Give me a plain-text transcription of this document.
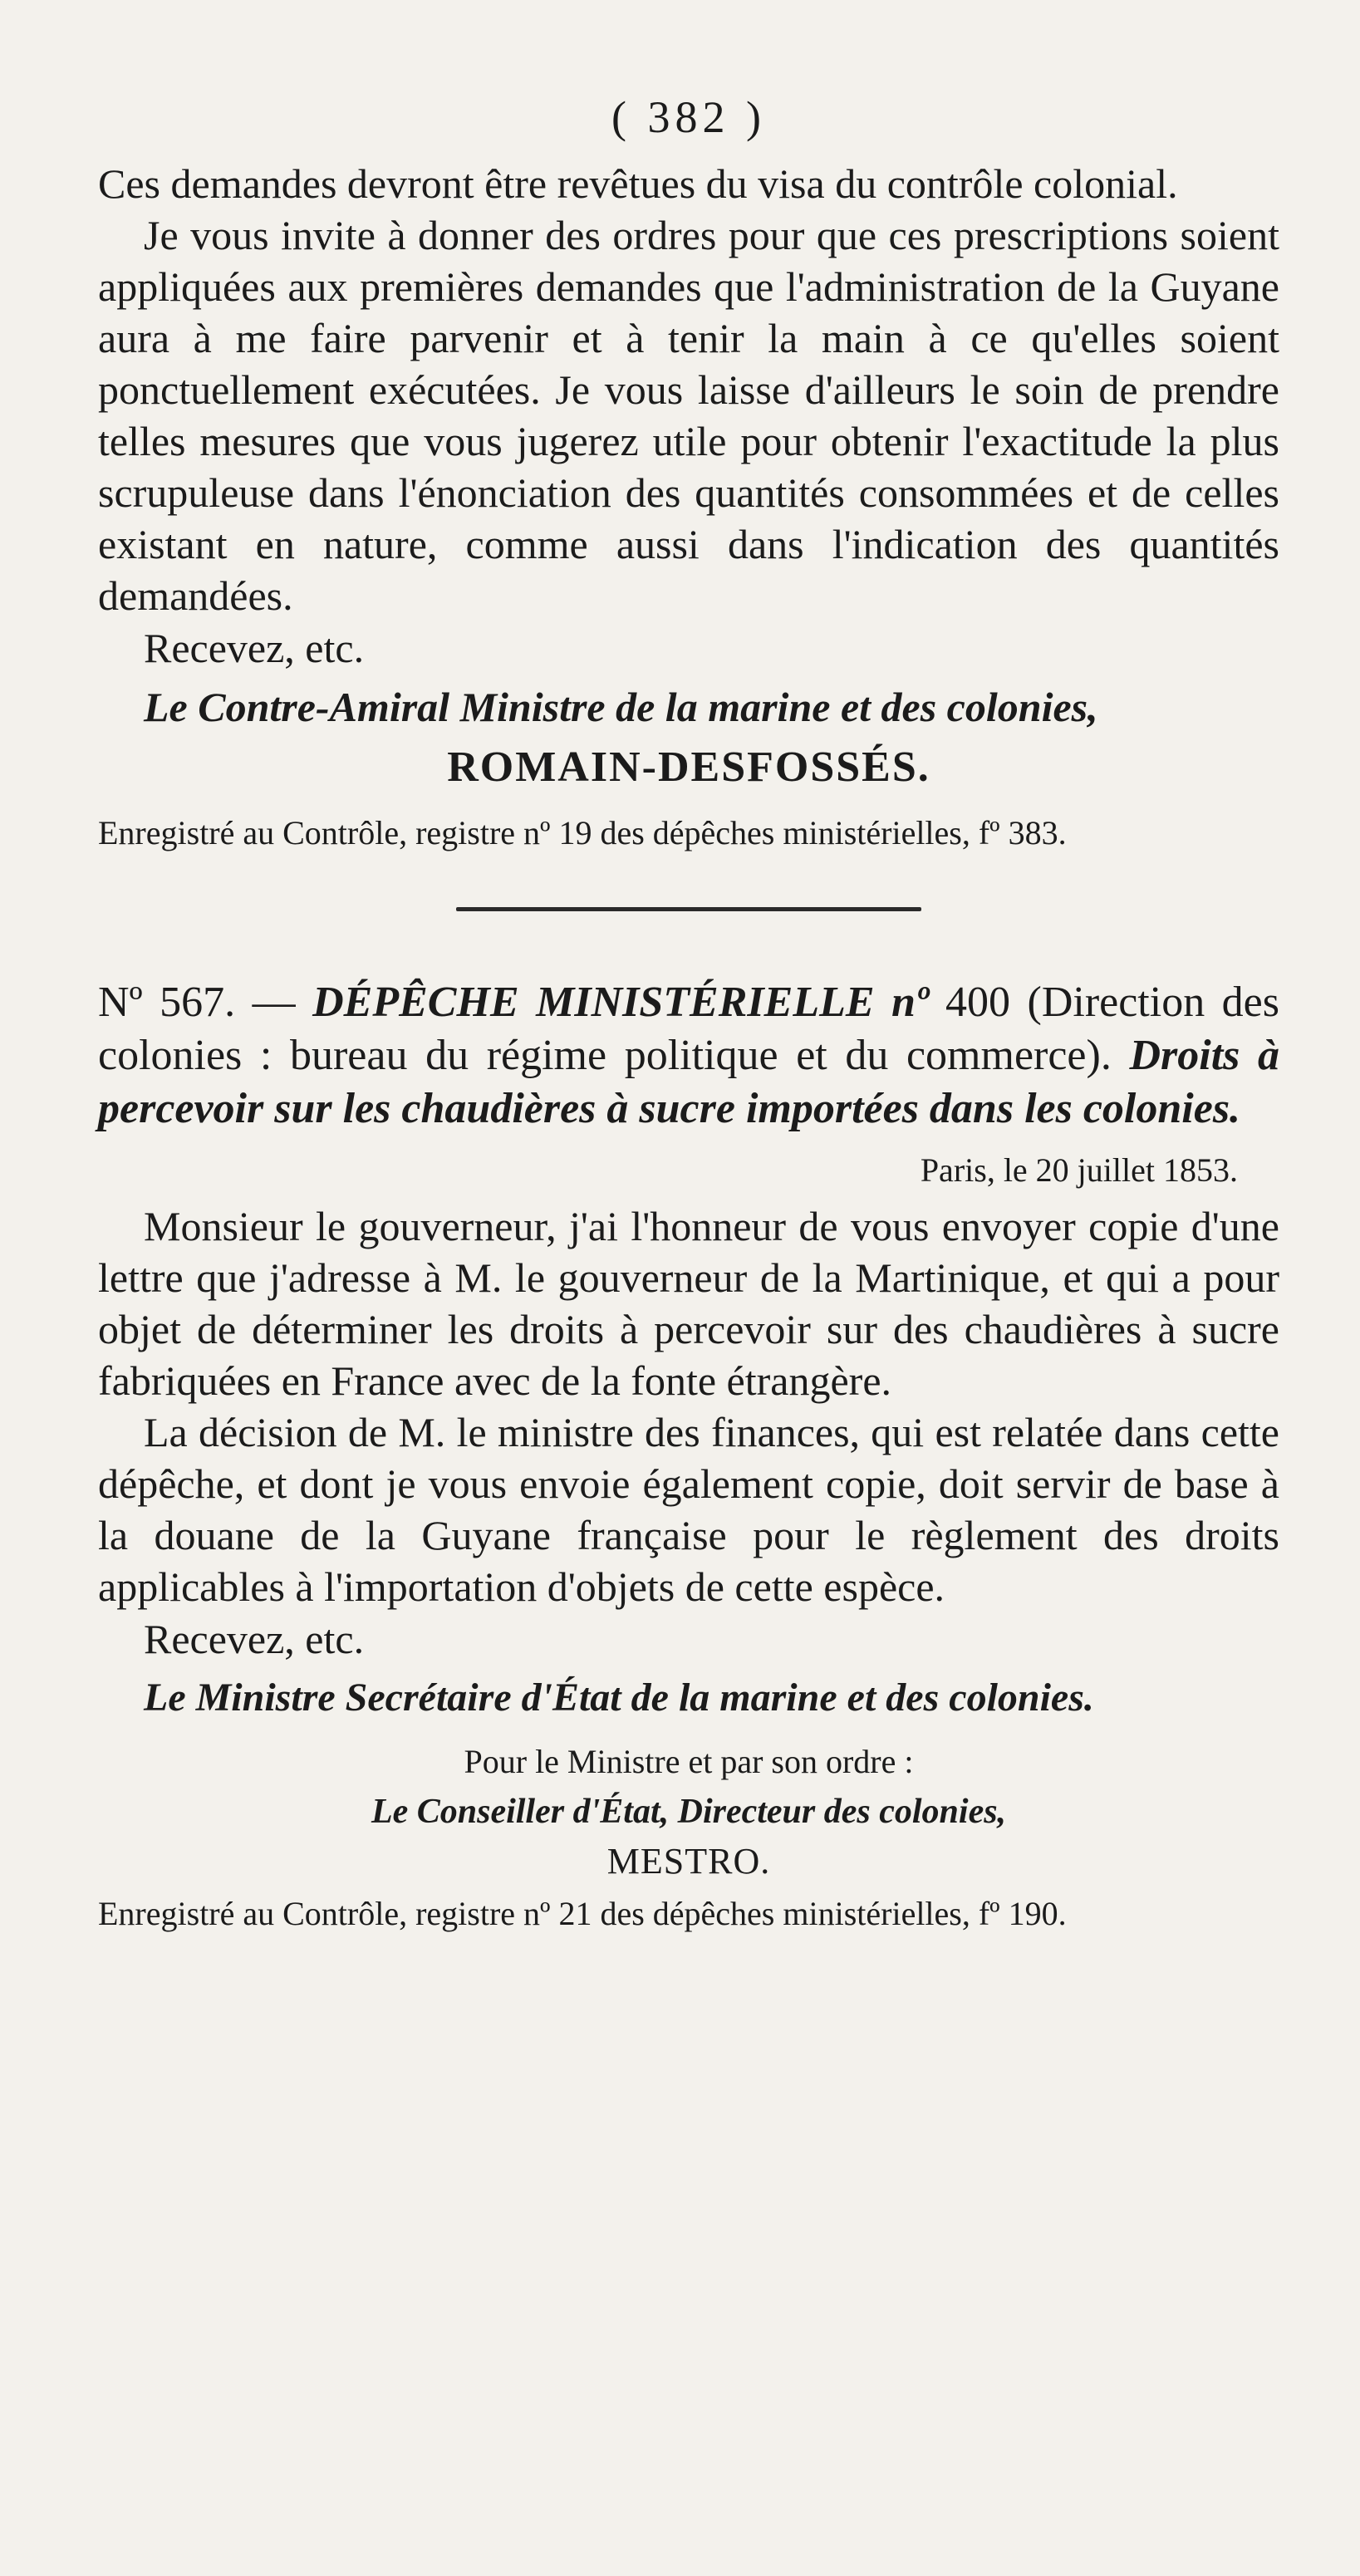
( 382 )

Ces demandes devront être revêtues du visa du contrôle colonial.

Je vous invite à donner des ordres pour que ces prescriptions soient appliquées aux premières demandes que l'administration de la Guyane aura à me faire parvenir et à tenir la main à ce qu'elles soient ponctuellement exécutées. Je vous laisse d'ailleurs le soin de prendre telles mesures que vous jugerez utile pour obtenir l'exactitude la plus scrupuleuse dans l'énonciation des quantités consommées et de celles existant en nature, comme aussi dans l'indication des quantités demandées.

Recevez, etc.

Le Contre-Amiral Ministre de la marine et des colonies,

ROMAIN-DESFOSSÉS.

Enregistré au Contrôle, registre nº 19 des dépêches ministérielles, fº 383.

Nº 567. — DÉPÊCHE MINISTÉRIELLE nº 400 (Direction des colonies : bureau du régime politique et du commerce). Droits à percevoir sur les chaudières à sucre importées dans les colonies.

Paris, le 20 juillet 1853.

Monsieur le gouverneur, j'ai l'honneur de vous envoyer copie d'une lettre que j'adresse à M. le gouverneur de la Martinique, et qui a pour objet de déterminer les droits à percevoir sur des chaudières à sucre fabriquées en France avec de la fonte étrangère.

La décision de M. le ministre des finances, qui est relatée dans cette dépêche, et dont je vous envoie également copie, doit servir de base à la douane de la Guyane française pour le règlement des droits applicables à l'importation d'objets de cette espèce.

Recevez, etc.

Le Ministre Secrétaire d'État de la marine et des colonies.

Pour le Ministre et par son ordre :

Le Conseiller d'État, Directeur des colonies,

MESTRO.

Enregistré au Contrôle, registre nº 21 des dépêches ministérielles, fº 190.
